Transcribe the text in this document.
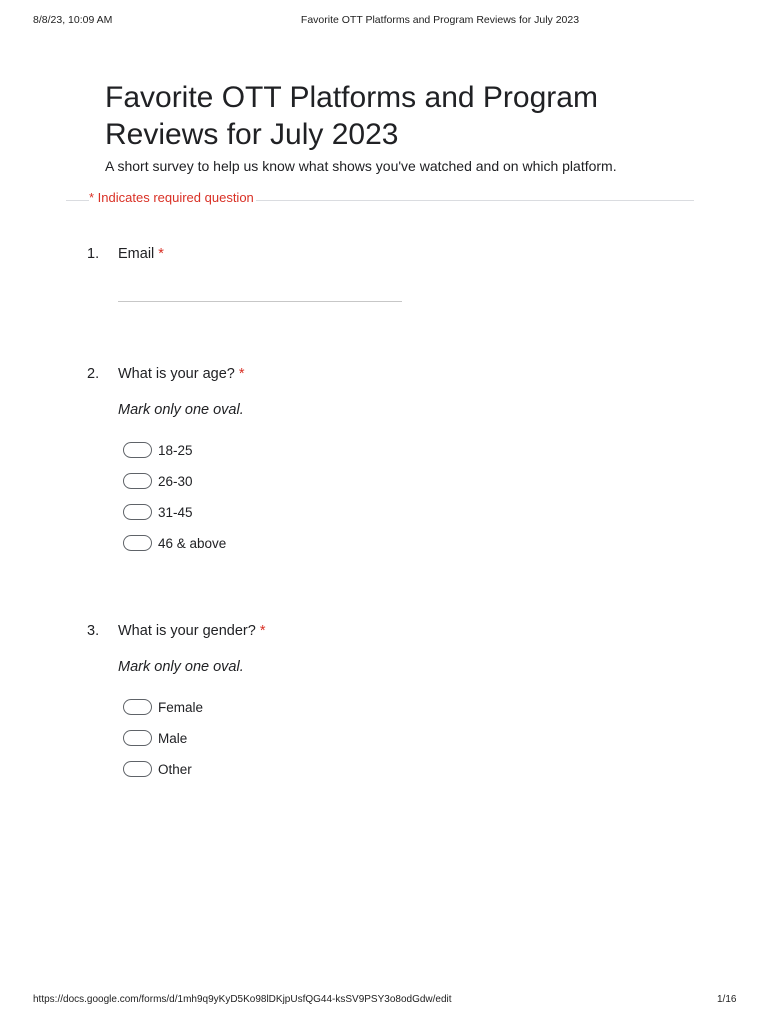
8/8/23, 10:09 AM	Favorite OTT Platforms and Program Reviews for July 2023
Favorite OTT Platforms and Program Reviews for July 2023
A short survey to help us know what shows you've watched and on which platform.
* Indicates required question
1. Email *
2. What is your age? *
Mark only one oval.
18-25
26-30
31-45
46 & above
3. What is your gender? *
Mark only one oval.
Female
Male
Other
https://docs.google.com/forms/d/1mh9q9yKyD5Ko98lDKjpUsfQG44-ksSV9PSY3o8odGdw/edit	1/16
